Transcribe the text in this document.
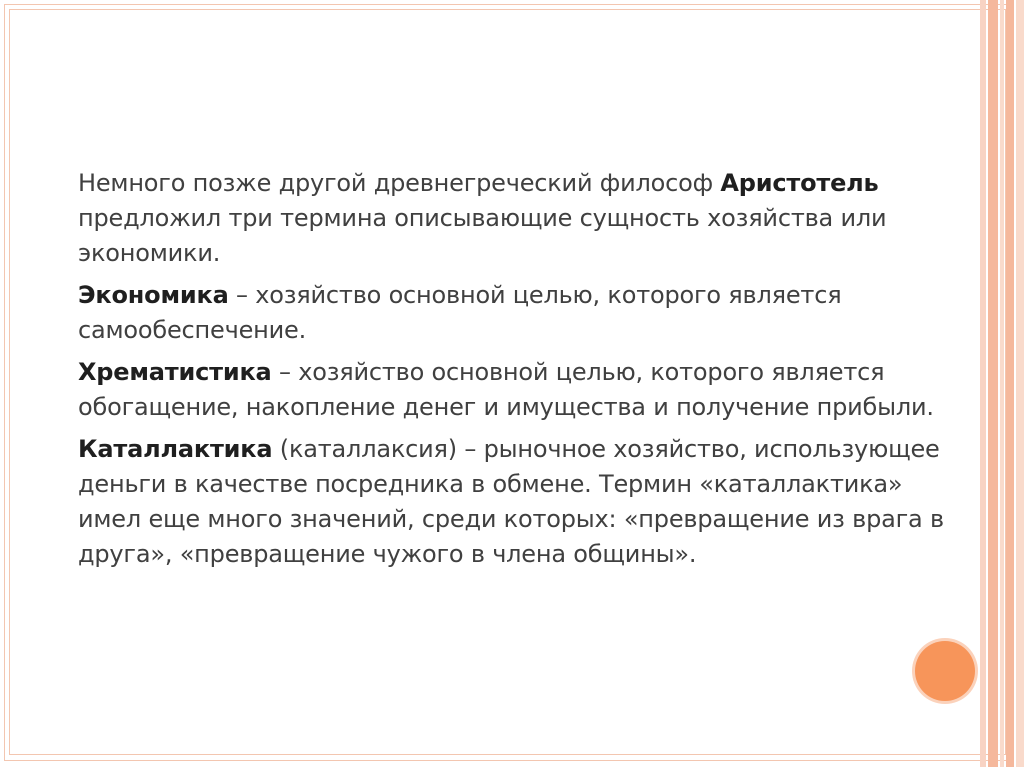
Немного позже другой древнегреческий философ Аристотель предложил три термина описывающие сущность хозяйства или экономики.

Экономика – хозяйство основной целью, которого является самообеспечение.

Хрематистика – хозяйство основной целью, которого является обогащение, накопление денег и имущества и получение прибыли.

Каталлактика (каталлаксия) – рыночное хозяйство, использующее деньги в качестве посредника в обмене. Термин «каталлактика» имел еще много значений, среди которых: «превращение из врага в друга», «превращение чужого в члена общины».
